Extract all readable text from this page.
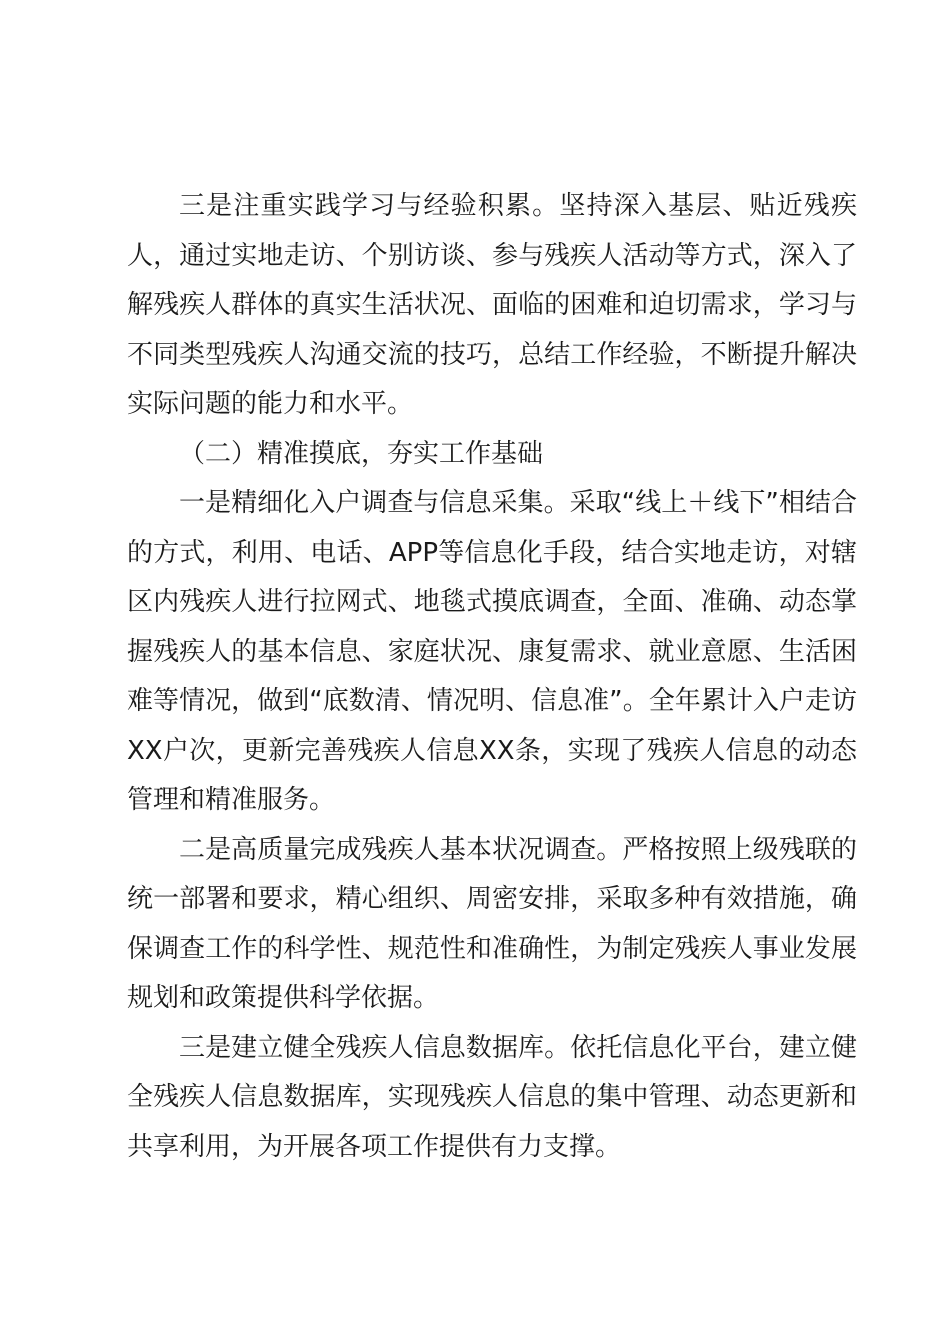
三是注重实践学习与经验积累。坚持深入基层、贴近残疾人，通过实地走访、个别访谈、参与残疾人活动等方式，深入了解残疾人群体的真实生活状况、面临的困难和迫切需求，学习与不同类型残疾人沟通交流的技巧，总结工作经验，不断提升解决实际问题的能力和水平。

（二）精准摸底，夯实工作基础

一是精细化入户调查与信息采集。采取“线上＋线下”相结合的方式，利用、电话、APP等信息化手段，结合实地走访，对辖区内残疾人进行拉网式、地毯式摸底调查，全面、准确、动态掌握残疾人的基本信息、家庭状况、康复需求、就业意愿、生活困难等情况，做到“底数清、情况明、信息准”。全年累计入户走访XX户次，更新完善残疾人信息XX条，实现了残疾人信息的动态管理和精准服务。

二是高质量完成残疾人基本状况调查。严格按照上级残联的统一部署和要求，精心组织、周密安排，采取多种有效措施，确保调查工作的科学性、规范性和准确性，为制定残疾人事业发展规划和政策提供科学依据。

三是建立健全残疾人信息数据库。依托信息化平台，建立健全残疾人信息数据库，实现残疾人信息的集中管理、动态更新和共享利用，为开展各项工作提供有力支撑。
